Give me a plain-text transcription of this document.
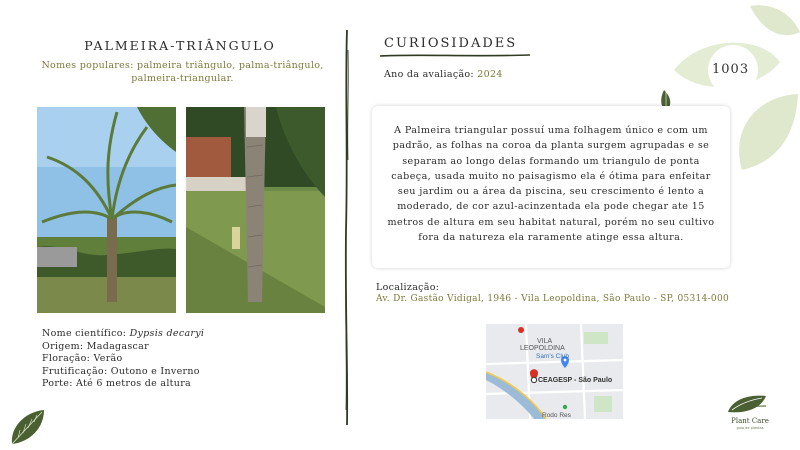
1003
PALMEIRA-TRIÂNGULO
Nomes populares: palmeira triângulo, palma-triângulo, palmeira-triangular.
Nome científico: Dypsis decaryi
Origem: Madagascar
Floração: Verão
Frutificação: Outono e Inverno
Porte: Até 6 metros de altura
CURIOSIDADES
Ano da avaliação: 2024

A Palmeira triangular possuí uma folhagem único e com um padrão, as folhas na coroa da planta surgem agrupadas e se separam ao longo delas formando um triangulo de ponta cabeça, usada muito no paisagismo ela é ótima para enfeitar seu jardim ou a área da piscina, seu crescimento é lento a moderado, de cor azul-acinzentada ela pode chegar ate 15 metros de altura em seu habitat natural, porém no seu cultivo fora da natureza ela raramente atinge essa altura.

Localização:
Av. Dr. Gastão Vidigal, 1946 - Vila Leopoldina, São Paulo - SP, 05314-000
VILA
LEOPOLDINA
Sam's Club
CEAGESP - São Paulo
Rodo Res
Plant Care
guia de plantas
